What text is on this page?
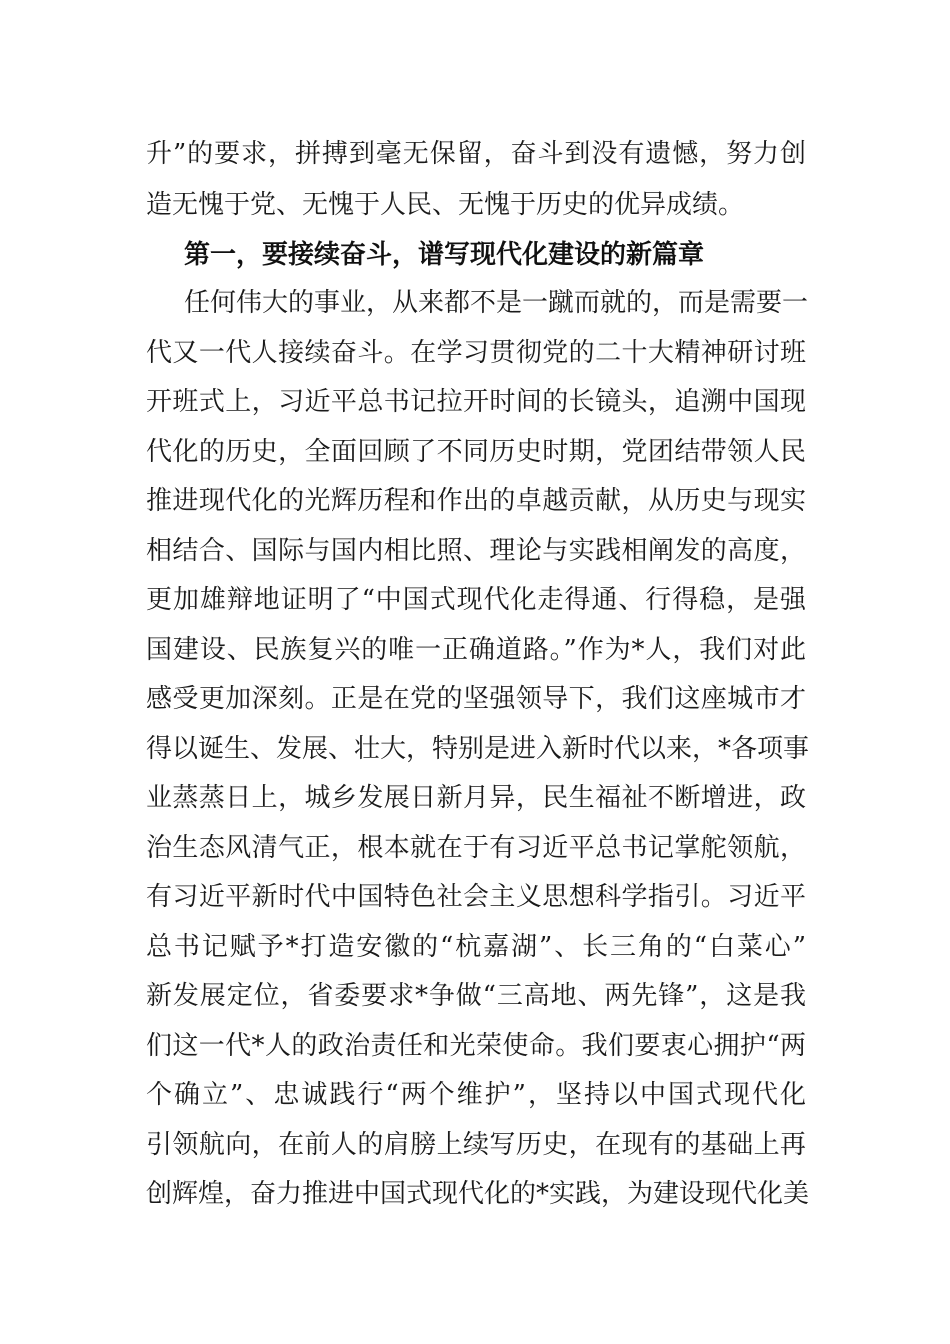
升”的要求，拼搏到毫无保留，奋斗到没有遗憾，努力创
造无愧于党、无愧于人民、无愧于历史的优异成绩。
第一，要接续奋斗，谱写现代化建设的新篇章
任何伟大的事业，从来都不是一蹴而就的，而是需要一
代又一代人接续奋斗。在学习贯彻党的二十大精神研讨班
开班式上，习近平总书记拉开时间的长镜头，追溯中国现
代化的历史，全面回顾了不同历史时期，党团结带领人民
推进现代化的光辉历程和作出的卓越贡献，从历史与现实
相结合、国际与国内相比照、理论与实践相阐发的高度，
更加雄辩地证明了“中国式现代化走得通、行得稳，是强
国建设、民族复兴的唯一正确道路。”作为*人，我们对此
感受更加深刻。正是在党的坚强领导下，我们这座城市才
得以诞生、发展、壮大，特别是进入新时代以来，*各项事
业蒸蒸日上，城乡发展日新月异，民生福祉不断增进，政
治生态风清气正，根本就在于有习近平总书记掌舵领航，
有习近平新时代中国特色社会主义思想科学指引。习近平
总书记赋予*打造安徽的“杭嘉湖”、长三角的“白菜心”
新发展定位，省委要求*争做“三高地、两先锋”，这是我
们这一代*人的政治责任和光荣使命。我们要衷心拥护“两
个确立”、忠诚践行“两个维护”，坚持以中国式现代化
引领航向，在前人的肩膀上续写历史，在现有的基础上再
创辉煌，奋力推进中国式现代化的*实践，为建设现代化美
